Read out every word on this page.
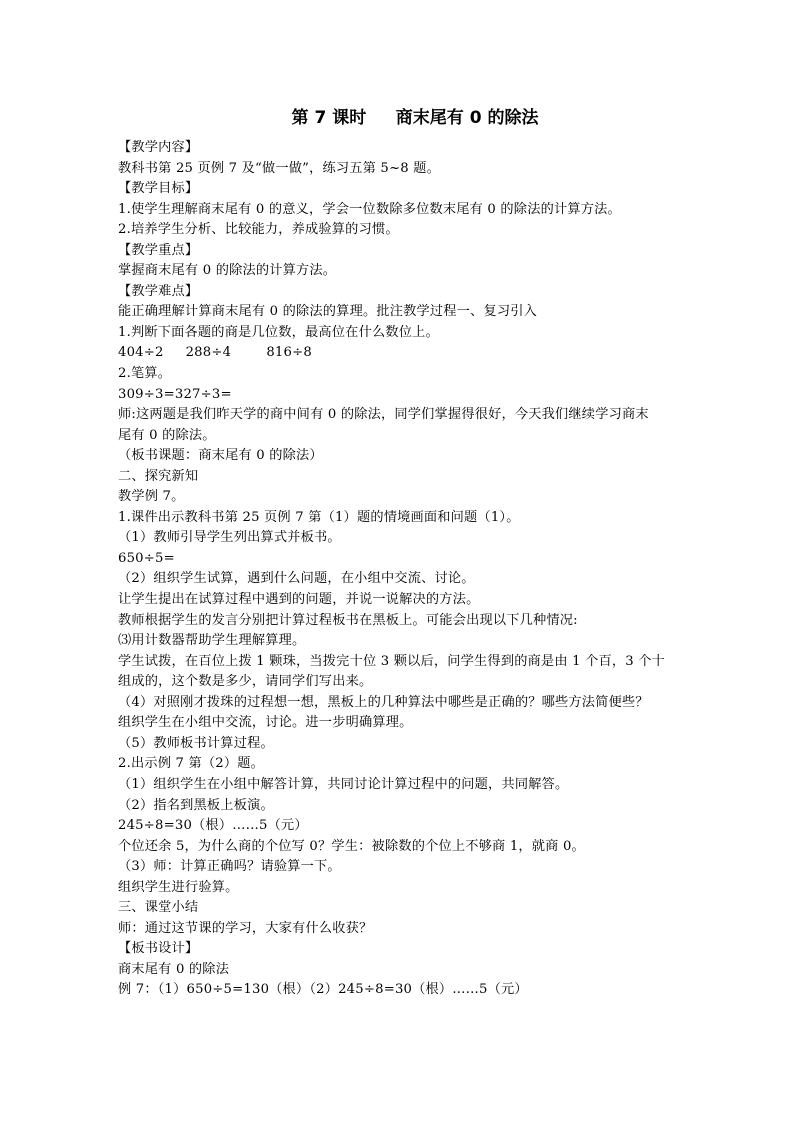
第 7 课时     商末尾有 0 的除法
【教学内容】
教科书第 25 页例 7 及“做一做”，练习五第 5~8 题。
【教学目标】
1.使学生理解商末尾有 0 的意义，学会一位数除多位数末尾有 0 的除法的计算方法。
2.培养学生分析、比较能力，养成验算的习惯。
【教学重点】
掌握商末尾有 0 的除法的计算方法。
【教学难点】
能正确理解计算商末尾有 0 的除法的算理。批注教学过程一、复习引入
1.判断下面各题的商是几位数，最高位在什么数位上。
404÷2     288÷4        816÷8
2.笔算。
309÷3=327÷3=
师:这两题是我们昨天学的商中间有 0 的除法，同学们掌握得很好，今天我们继续学习商末
尾有 0 的除法。
（板书课题：商末尾有 0 的除法）
二、探究新知
教学例 7。
1.课件出示教科书第 25 页例 7 第（1）题的情境画面和问题（1）。
（1）教师引导学生列出算式并板书。
650÷5=
（2）组织学生试算，遇到什么问题，在小组中交流、讨论。
让学生提出在试算过程中遇到的问题，并说一说解决的方法。
教师根据学生的发言分别把计算过程板书在黑板上。可能会出现以下几种情况:
⑶用计数器帮助学生理解算理。
学生试拨，在百位上拨 1 颗珠，当拨完十位 3 颗以后，问学生得到的商是由 1 个百，3 个十
组成的，这个数是多少，请同学们写出来。
（4）对照刚才拨珠的过程想一想，黑板上的几种算法中哪些是正确的？哪些方法简便些？
组织学生在小组中交流，讨论。进一步明确算理。
（5）教师板书计算过程。
2.出示例 7 第（2）题。
（1）组织学生在小组中解答计算，共同讨论计算过程中的问题，共同解答。
（2）指名到黑板上板演。
245÷8=30（根）……5（元）
个位还余 5，为什么商的个位写 0？学生：被除数的个位上不够商 1，就商 0。
（3）师：计算正确吗？请验算一下。
组织学生进行验算。
三、课堂小结
师：通过这节课的学习，大家有什么收获？
【板书设计】
商末尾有 0 的除法
例 7：（1）650÷5=130（根）（2）245÷8=30（根）……5（元）
